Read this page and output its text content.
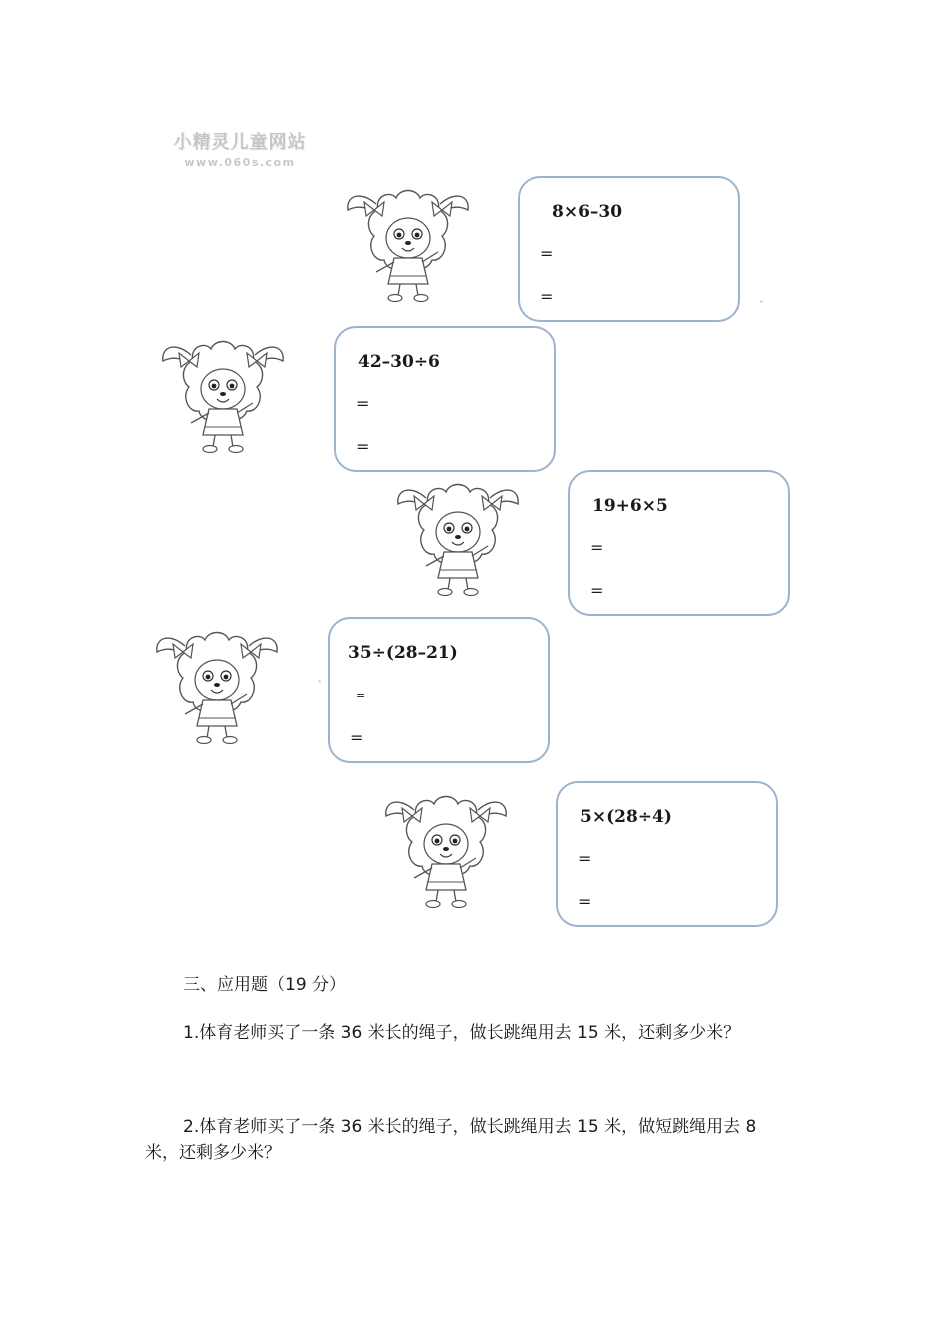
小精灵儿童网站
www.060s.com
8×6–30
=
=
42–30÷6
=
=
19+6×5
=
=
35÷(28–21)
=
=
5×(28÷4)
=
=
三、应用题（19 分）
1.体育老师买了一条 36 米长的绳子，做长跳绳用去 15 米，还剩多少米？
2.体育老师买了一条 36 米长的绳子，做长跳绳用去 15 米，做短跳绳用去 8
米，还剩多少米？
